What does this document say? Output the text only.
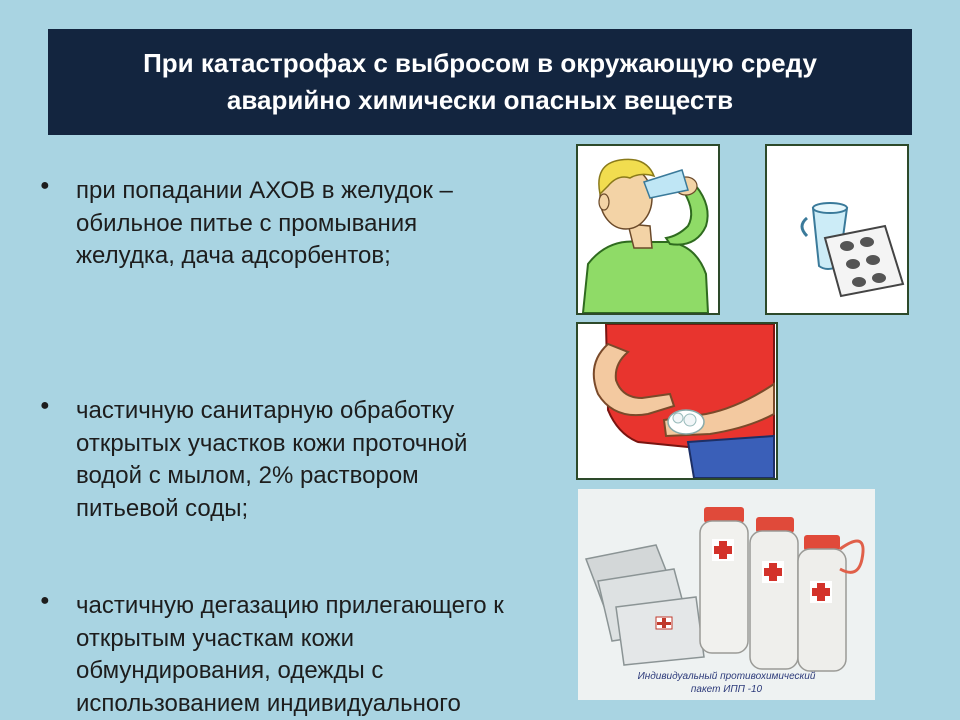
При катастрофах с выбросом в окружающую среду
аварийно химически опасных веществ
● при попадании АХОВ в желудок –
обильное питье с промывания
желудка, дача адсорбентов;
● частичную санитарную обработку
открытых участков кожи проточной
водой с мылом, 2% раствором
питьевой соды;
● частичную дегазацию прилегающего к
открытым участкам кожи
обмундирования, одежды с
использованием индивидуального
Индивидуальный противохимический
пакет ИПП -10
